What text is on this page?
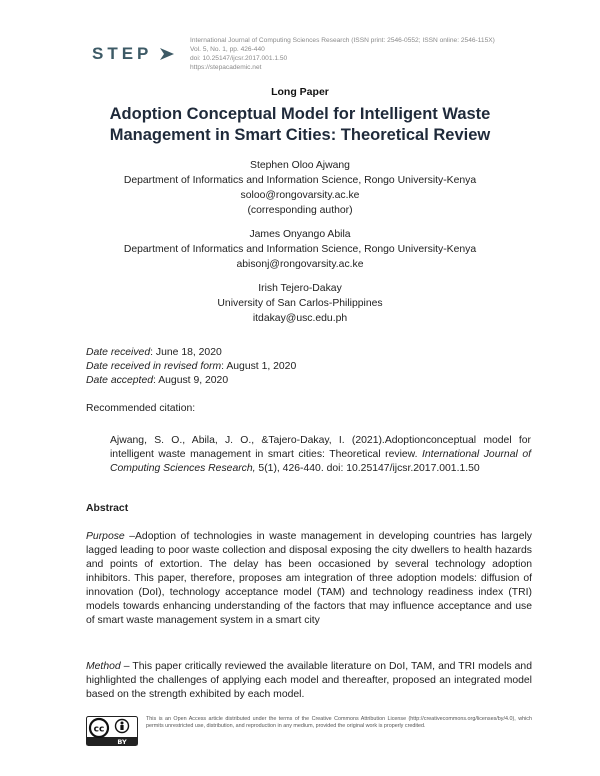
STEP
International Journal of Computing Sciences Research (ISSN print: 2546-0552; ISSN online: 2546-115X)
Vol. 5, No. 1, pp. 426-440
doi: 10.25147/ijcsr.2017.001.1.50
https://stepacademic.net
Long Paper
Adoption Conceptual Model for Intelligent Waste Management in Smart Cities: Theoretical Review
Stephen Oloo Ajwang
Department of Informatics and Information Science, Rongo University-Kenya
soloo@rongovarsity.ac.ke
(corresponding author)
James Onyango Abila
Department of Informatics and Information Science, Rongo University-Kenya
abisonj@rongovarsity.ac.ke
Irish Tejero-Dakay
University of San Carlos-Philippines
itdakay@usc.edu.ph
Date received: June 18, 2020
Date received in revised form: August 1, 2020
Date accepted: August 9, 2020
Recommended citation:
Ajwang, S. O., Abila, J. O., &Tajero-Dakay, I. (2021).Adoptionconceptual model for intelligent waste management in smart cities: Theoretical review. International Journal of Computing Sciences Research, 5(1), 426-440. doi: 10.25147/ijcsr.2017.001.1.50
Abstract
Purpose –Adoption of technologies in waste management in developing countries has largely lagged leading to poor waste collection and disposal exposing the city dwellers to health hazards and points of extortion. The delay has been occasioned by several technology adoption inhibitors. This paper, therefore, proposes am integration of three adoption models: diffusion of innovation (DoI), technology acceptance model (TAM) and technology readiness index (TRI) models towards enhancing understanding of the factors that may influence acceptance and use of smart waste management system in a smart city
Method – This paper critically reviewed the available literature on DoI, TAM, and TRI models and highlighted the challenges of applying each model and thereafter, proposed an integrated model based on the strength exhibited by each model.
cc
BY
This is an Open Access article distributed under the terms of the Creative Commons Attribution License (http://creativecommons.org/licenses/by/4.0), which permits unrestricted use, distribution, and reproduction in any medium, provided the original work is properly credited.
